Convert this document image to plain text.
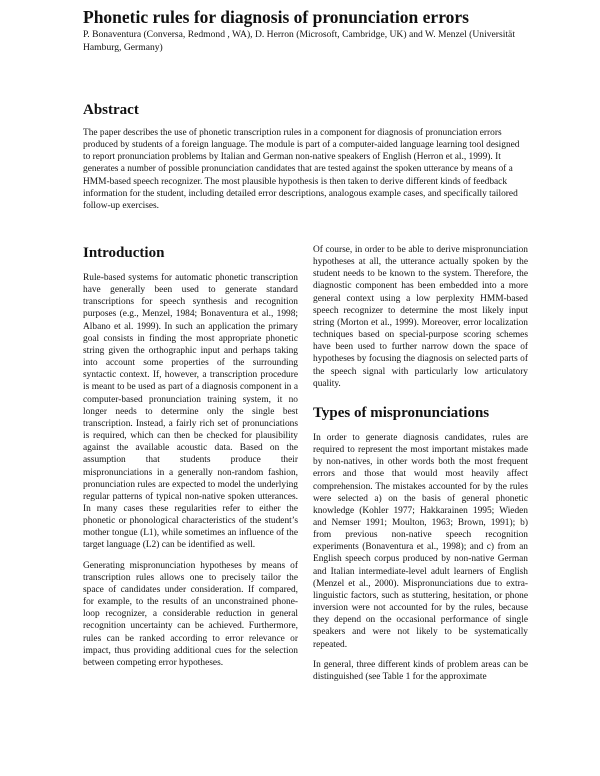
Phonetic rules for diagnosis of pronunciation errors

P. Bonaventura (Conversa, Redmond , WA), D. Herron (Microsoft, Cambridge, UK) and W. Menzel (Universität Hamburg, Germany)

Abstract

The paper describes the use of phonetic transcription rules in a component for diagnosis of pronunciation errors produced by students of a foreign language. The module is part of a computer-aided language learning tool designed to report pronunciation problems by Italian and German non-native speakers of English (Herron et al., 1999). It generates a number of possible pronunciation candidates that are tested against the spoken utterance by means of a HMM-based speech recognizer. The most plausible hypothesis is then taken to derive different kinds of feedback information for the student, including detailed error descriptions, analogous example cases, and specifically tailored follow-up exercises.

Introduction

Rule-based systems for automatic phonetic transcription have generally been used to generate standard transcriptions for speech synthesis and recognition purposes (e.g., Menzel, 1984; Bonaventura et al., 1998; Albano et al. 1999). In such an application the primary goal consists in finding the most appropriate phonetic string given the orthographic input and perhaps taking into account some properties of the surrounding syntactic context. If, however, a transcription procedure is meant to be used as part of a diagnosis component in a computer-based pronunciation training system, it no longer needs to determine only the single best transcription. Instead, a fairly rich set of pronunciations is required, which can then be checked for plausibility against the available acoustic data. Based on the assumption that students produce their mispronunciations in a generally non-random fashion, pronunciation rules are expected to model the underlying regular patterns of typical non-native spoken utterances. In many cases these regularities refer to either the phonetic or phonological characteristics of the student’s mother tongue (L1), while sometimes an influence of the target language (L2) can be identified as well.

Generating mispronunciation hypotheses by means of transcription rules allows one to precisely tailor the space of candidates under consideration. If compared, for example, to the results of an unconstrained phone-loop recognizer, a considerable reduction in general recognition uncertainty can be achieved. Furthermore, rules can be ranked according to error relevance or impact, thus providing additional cues for the selection between competing error hypotheses.

Of course, in order to be able to derive mispronunciation hypotheses at all, the utterance actually spoken by the student needs to be known to the system. Therefore, the diagnostic component has been embedded into a more general context using a low perplexity HMM-based speech recognizer to determine the most likely input string (Morton et al., 1999). Moreover, error localization techniques based on special-purpose scoring schemes have been used to further narrow down the space of hypotheses by focusing the diagnosis on selected parts of the speech signal with particularly low articulatory quality.

Types of mispronunciations

In order to generate diagnosis candidates, rules are required to represent the most important mistakes made by non-natives, in other words both the most frequent errors and those that would most heavily affect comprehension. The mistakes accounted for by the rules were selected a) on the basis of general phonetic knowledge (Kohler 1977; Hakkarainen 1995; Wieden and Nemser 1991; Moulton, 1963; Brown, 1991); b) from previous non-native speech recognition experiments (Bonaventura et al., 1998); and c) from an English speech corpus produced by non-native German and Italian intermediate-level adult learners of English (Menzel et al., 2000). Mispronunciations due to extra-linguistic factors, such as stuttering, hesitation, or phone inversion were not accounted for by the rules, because they depend on the occasional performance of single speakers and were not likely to be systematically repeated.

In general, three different kinds of problem areas can be distinguished (see Table 1 for the approximate
